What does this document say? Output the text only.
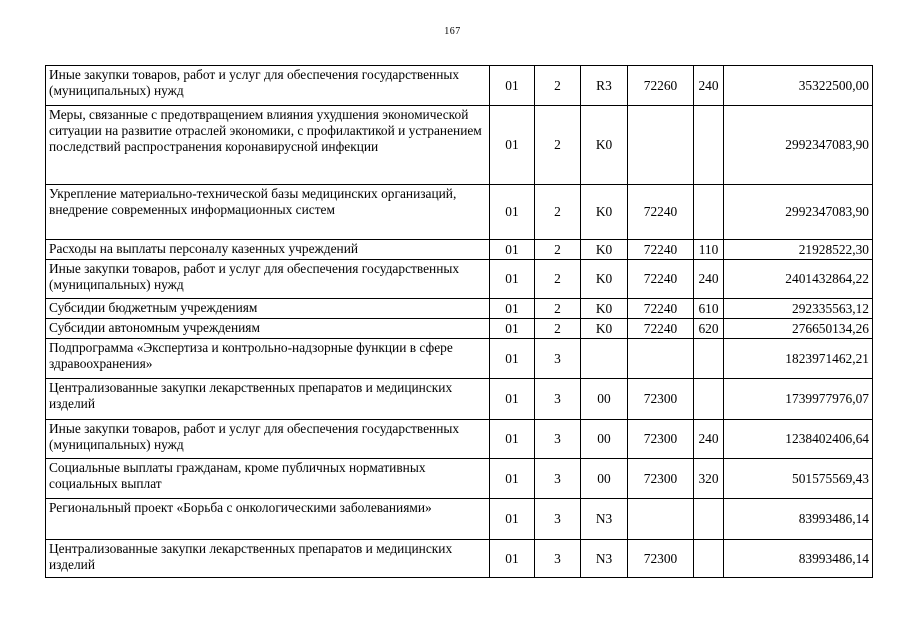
167
Иные закупки товаров, работ и услуг для обеспечения государственных (муниципальных) нужд	01	2	R3	72260	240	35322500,00
Меры, связанные с предотвращением влияния ухудшения экономической ситуации на развитие отраслей экономики, с профилактикой и устранением последствий распространения коронавирусной инфекции	01	2	K0			2992347083,90
Укрепление материально-технической базы медицинских организаций, внедрение современных информационных систем	01	2	K0	72240		2992347083,90
Расходы на выплаты персоналу казенных учреждений	01	2	K0	72240	110	21928522,30
Иные закупки товаров, работ и услуг для обеспечения государственных (муниципальных) нужд	01	2	K0	72240	240	2401432864,22
Субсидии бюджетным учреждениям	01	2	K0	72240	610	292335563,12
Субсидии автономным учреждениям	01	2	K0	72240	620	276650134,26
Подпрограмма «Экспертиза и контрольно-надзорные функции в сфере здравоохранения»	01	3				1823971462,21
Централизованные закупки лекарственных препаратов и медицинских изделий	01	3	00	72300		1739977976,07
Иные закупки товаров, работ и услуг для обеспечения государственных (муниципальных) нужд	01	3	00	72300	240	1238402406,64
Социальные выплаты гражданам, кроме публичных нормативных социальных выплат	01	3	00	72300	320	501575569,43
Региональный проект «Борьба с онкологическими заболеваниями»	01	3	N3			83993486,14
Централизованные закупки лекарственных препаратов и медицинских изделий	01	3	N3	72300		83993486,14
